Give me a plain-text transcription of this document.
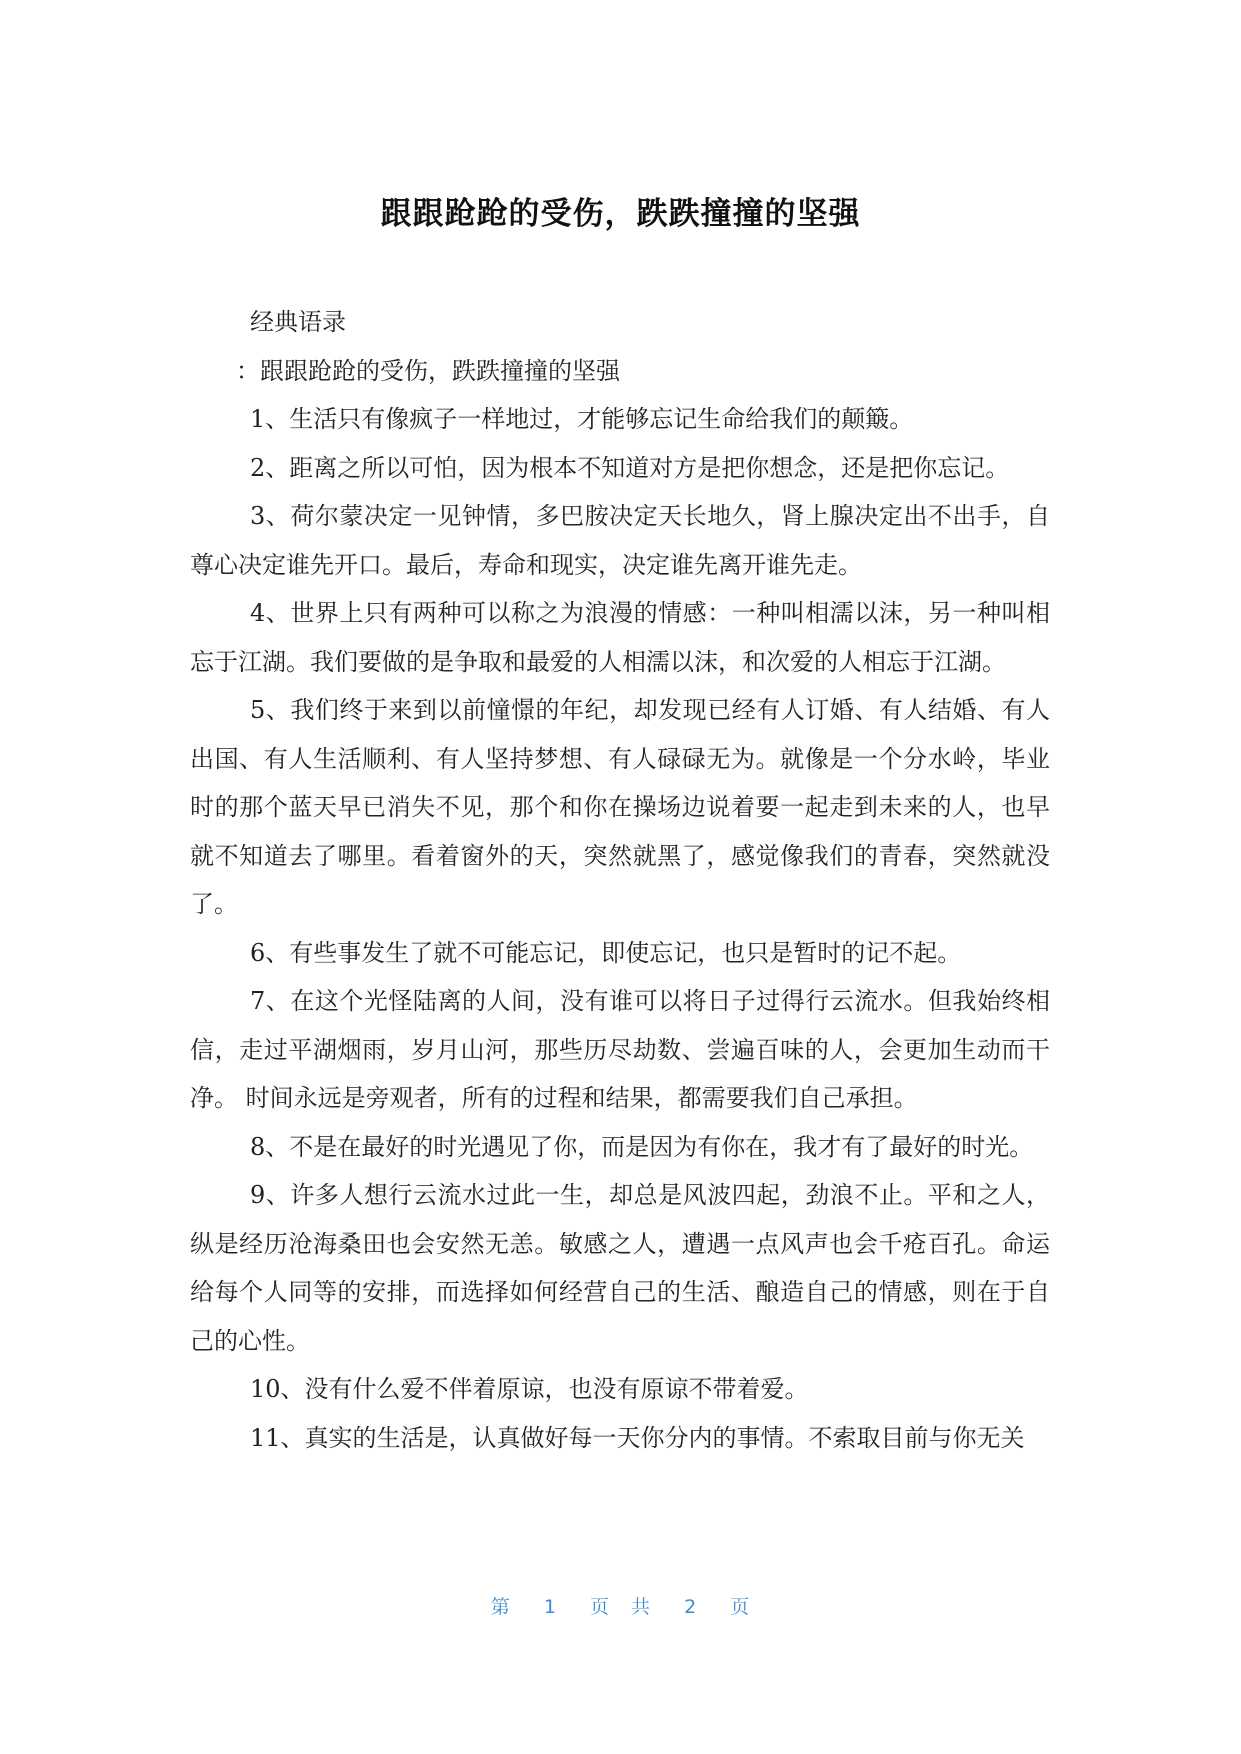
跟跟跄跄的受伤，跌跌撞撞的坚强

经典语录

：跟跟跄跄的受伤，跌跌撞撞的坚强

1、生活只有像疯子一样地过，才能够忘记生命给我们的颠簸。

2、距离之所以可怕，因为根本不知道对方是把你想念，还是把你忘记。

3、荷尔蒙决定一见钟情，多巴胺决定天长地久，肾上腺决定出不出手，自尊心决定谁先开口。最后，寿命和现实，决定谁先离开谁先走。

4、世界上只有两种可以称之为浪漫的情感：一种叫相濡以沫，另一种叫相忘于江湖。我们要做的是争取和最爱的人相濡以沫，和次爱的人相忘于江湖。

5、我们终于来到以前憧憬的年纪，却发现已经有人订婚、有人结婚、有人出国、有人生活顺利、有人坚持梦想、有人碌碌无为。就像是一个分水岭，毕业时的那个蓝天早已消失不见，那个和你在操场边说着要一起走到未来的人，也早就不知道去了哪里。看着窗外的天，突然就黑了，感觉像我们的青春，突然就没了。

6、有些事发生了就不可能忘记，即使忘记，也只是暂时的记不起。

7、在这个光怪陆离的人间，没有谁可以将日子过得行云流水。但我始终相信，走过平湖烟雨，岁月山河，那些历尽劫数、尝遍百味的人，会更加生动而干净。 时间永远是旁观者，所有的过程和结果，都需要我们自己承担。

8、不是在最好的时光遇见了你，而是因为有你在，我才有了最好的时光。

9、许多人想行云流水过此一生，却总是风波四起，劲浪不止。平和之人，纵是经历沧海桑田也会安然无恙。敏感之人，遭遇一点风声也会千疮百孔。命运给每个人同等的安排，而选择如何经营自己的生活、酿造自己的情感，则在于自己的心性。

10、没有什么爱不伴着原谅，也没有原谅不带着爱。

11、真实的生活是，认真做好每一天你分内的事情。不索取目前与你无关

第 1 页 共 2 页
